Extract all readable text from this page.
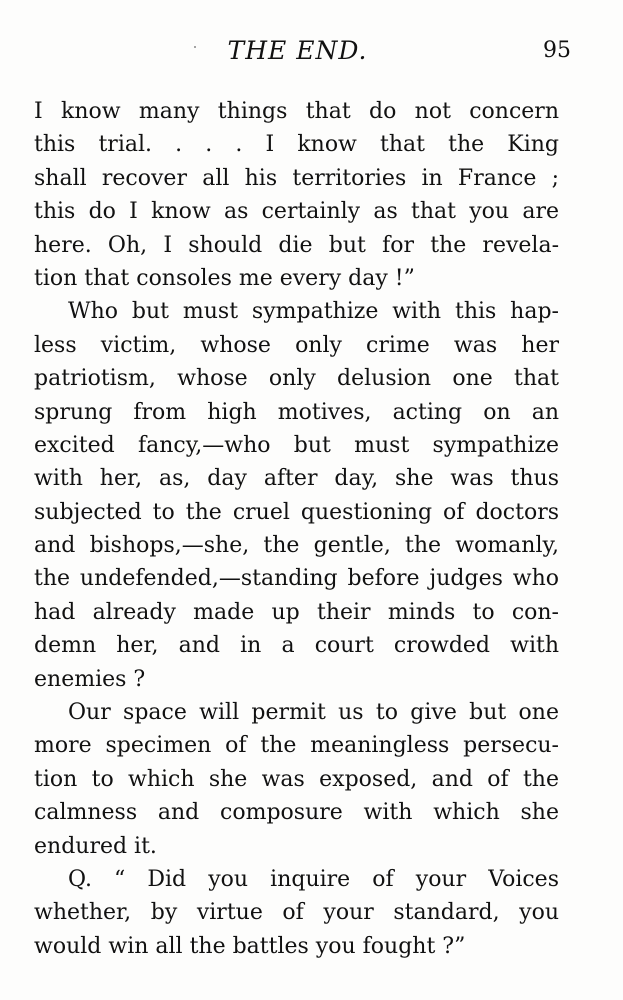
THE END.	95
I know many things that do not concern
this trial. . . . I know that the King
shall recover all his territories in France ;
this do I know as certainly as that you are
here. Oh, I should die but for the revela-
tion that consoles me every day !”
Who but must sympathize with this hap-
less victim, whose only crime was her
patriotism, whose only delusion one that
sprung from high motives, acting on an
excited fancy,—who but must sympathize
with her, as, day after day, she was thus
subjected to the cruel questioning of doctors
and bishops,—she, the gentle, the womanly,
the undefended,—standing before judges who
had already made up their minds to con-
demn her, and in a court crowded with
enemies ?
Our space will permit us to give but one
more specimen of the meaningless persecu-
tion to which she was exposed, and of the
calmness and composure with which she
endured it.
Q. “ Did you inquire of your Voices
whether, by virtue of your standard, you
would win all the battles you fought ?”
